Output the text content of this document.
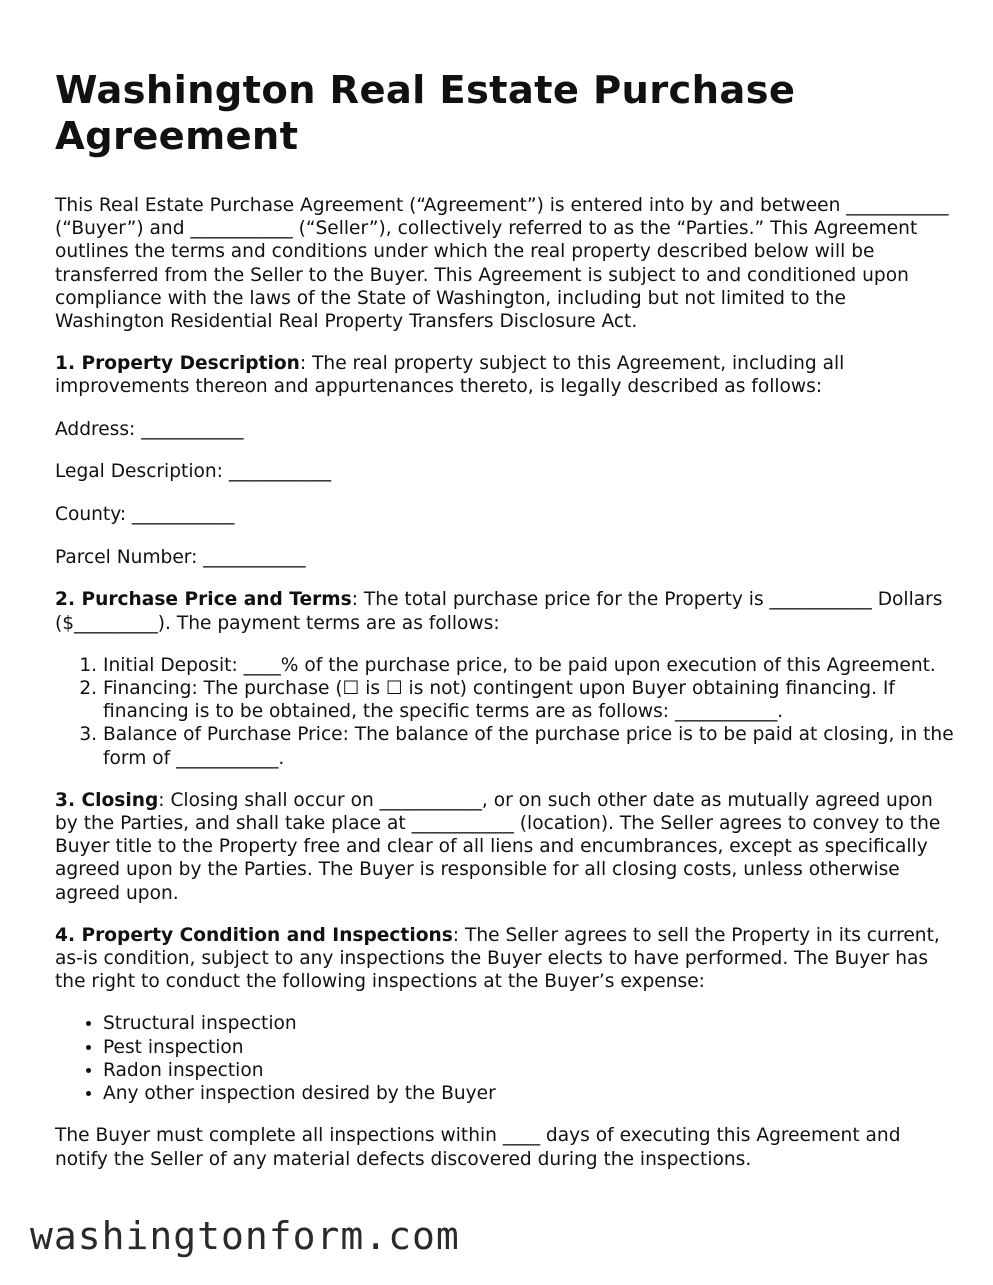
Washington Real Estate Purchase Agreement

This Real Estate Purchase Agreement (“Agreement”) is entered into by and between ___________ (“Buyer”) and ___________ (“Seller”), collectively referred to as the “Parties.” This Agreement outlines the terms and conditions under which the real property described below will be transferred from the Seller to the Buyer. This Agreement is subject to and conditioned upon compliance with the laws of the State of Washington, including but not limited to the Washington Residential Real Property Transfers Disclosure Act.

1. Property Description: The real property subject to this Agreement, including all improvements thereon and appurtenances thereto, is legally described as follows:

Address: ___________

Legal Description: ___________

County: ___________

Parcel Number: ___________

2. Purchase Price and Terms: The total purchase price for the Property is ___________ Dollars ($_________). The payment terms are as follows:

1. Initial Deposit: ____% of the purchase price, to be paid upon execution of this Agreement.
2. Financing: The purchase (☐ is ☐ is not) contingent upon Buyer obtaining financing. If financing is to be obtained, the specific terms are as follows: ___________.
3. Balance of Purchase Price: The balance of the purchase price is to be paid at closing, in the form of ___________.

3. Closing: Closing shall occur on ___________, or on such other date as mutually agreed upon by the Parties, and shall take place at ___________ (location). The Seller agrees to convey to the Buyer title to the Property free and clear of all liens and encumbrances, except as specifically agreed upon by the Parties. The Buyer is responsible for all closing costs, unless otherwise agreed upon.

4. Property Condition and Inspections: The Seller agrees to sell the Property in its current, as-is condition, subject to any inspections the Buyer elects to have performed. The Buyer has the right to conduct the following inspections at the Buyer’s expense:

• Structural inspection
• Pest inspection
• Radon inspection
• Any other inspection desired by the Buyer

The Buyer must complete all inspections within ____ days of executing this Agreement and notify the Seller of any material defects discovered during the inspections.

washingtonform.com
